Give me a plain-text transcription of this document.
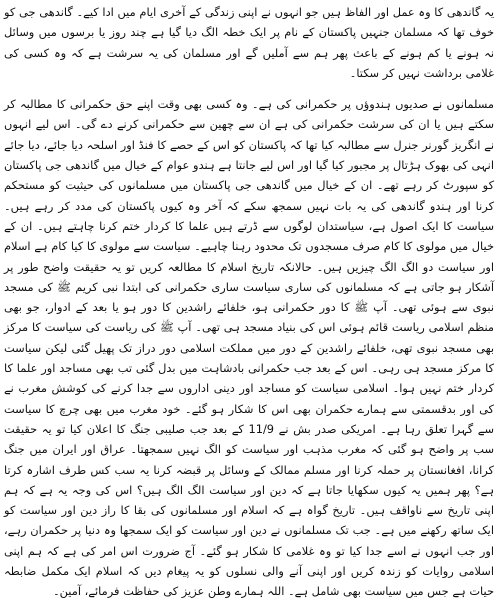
یہ گاندھی کا وہ عمل اور الفاظ ہیں جو انہوں نے اپنی زندگی کے آخری ایام میں ادا کیے۔ گاندھی جی کو خوف تھا کہ مسلمان جنہیں پاکستان کے نام پر ایک خطہ الگ دیا گیا ہے چند روز یا برسوں میں وسائل نہ ہونے یا کم ہونے کے باعث پھر ہم سے آملیں گے اور مسلمان کی یہ سرشت ہے کہ وہ کسی کی غلامی برداشت نہیں کر سکتا۔

مسلمانوں نے صدیوں ہندوؤں پر حکمرانی کی ہے۔ وہ کسی بھی وقت اپنے حق حکمرانی کا مطالبہ کر سکتے ہیں یا ان کی سرشت حکمرانی کی ہے ان سے چھین سے حکمرانی کرنے دے گی۔ اس لیے انہوں نے انگریز گورنر جنرل سے مطالبہ کیا تھا کہ پاکستان کو اس کے حصے کا فنڈ اور اسلحہ دیا جائے، دیا جائے انہی کی بھوک ہڑتال پر مجبور کیا گیا اور اس لیے جانتا ہے ہندو عوام کے خیال میں گاندھی جی پاکستان کو سپورٹ کر رہے تھے۔ ان کے خیال میں گاندھی جی پاکستان میں مسلمانوں کی حیثیت کو مستحکم کرنا اور ہندو گاندھی کی یہ بات نہیں سمجھ سکے کہ آخر وہ کیوں پاکستان کی مدد کر رہے ہیں۔ سیاست کا ایک اصول ہے، سیاستدان لوگوں سے ڈرتے ہیں علما کا کردار ختم کرنا چاہتے ہیں۔ ان کے خیال میں مولوی کا کام صرف مسجدوں تک محدود رہنا چاہیے۔ سیاست سے مولوی کا کیا کام ہے اسلام اور سیاست دو الگ الگ چیزیں ہیں۔ حالانکہ تاریخ اسلام کا مطالعہ کریں تو یہ حقیقت واضح طور پر آشکار ہو جاتی ہے کہ مسلمانوں کی ساری سیاست ساری حکمرانی کی ابتدا نبی کریم ﷺ کی مسجد نبوی سے ہوئی تھی۔ آپ ﷺ کا دور حکمرانی ہو، خلفائے راشدین کا دور ہو یا بعد کے ادوار، جو بھی منظم اسلامی ریاست قائم ہوئی اس کی بنیاد مسجد ہی تھی۔ آپ ﷺ کی ریاست کی سیاست کا مرکز بھی مسجد نبوی تھی، خلفائے راشدین کے دور میں مملکت اسلامی دور دراز تک پھیل گئی لیکن سیاست کا مرکز مسجد ہی رہی۔ اس کے بعد جب حکمرانی بادشاہت میں بدل گئی تب بھی مساجد اور علما کا کردار ختم نہیں ہوا۔ اسلامی سیاست کو مساجد اور دینی اداروں سے جدا کرنے کی کوشش مغرب نے کی اور بدقسمتی سے ہمارے حکمران بھی اس کا شکار ہو گئے۔ خود مغرب میں بھی چرچ کا سیاست سے گہرا تعلق رہا ہے۔ امریکی صدر بش نے 11/9 کے بعد جب صلیبی جنگ کا اعلان کیا تو یہ حقیقت سب پر واضح ہو گئی کہ مغرب مذہب اور سیاست کو الگ نہیں سمجھتا۔ عراق اور ایران میں جنگ کرانا، افغانستان پر حملہ کرنا اور مسلم ممالک کے وسائل پر قبضہ کرنا یہ سب کس طرف اشارہ کرتا ہے؟ پھر ہمیں یہ کیوں سکھایا جاتا ہے کہ دین اور سیاست الگ الگ ہیں؟ اس کی وجہ یہ ہے کہ ہم اپنی تاریخ سے ناواقف ہیں۔ تاریخ گواہ ہے کہ اسلام اور مسلمانوں کی بقا کا راز دین اور سیاست کو ایک ساتھ رکھنے میں ہے۔ جب تک مسلمانوں نے دین اور سیاست کو ایک سمجھا وہ دنیا پر حکمران رہے، اور جب انہوں نے اسے جدا کیا تو وہ غلامی کا شکار ہو گئے۔ آج ضرورت اس امر کی ہے کہ ہم اپنی اسلامی روایات کو زندہ کریں اور اپنی آنے والی نسلوں کو یہ پیغام دیں کہ اسلام ایک مکمل ضابطہ حیات ہے جس میں سیاست بھی شامل ہے۔ اللہ ہمارے وطن عزیز کی حفاظت فرمائے، آمین۔
